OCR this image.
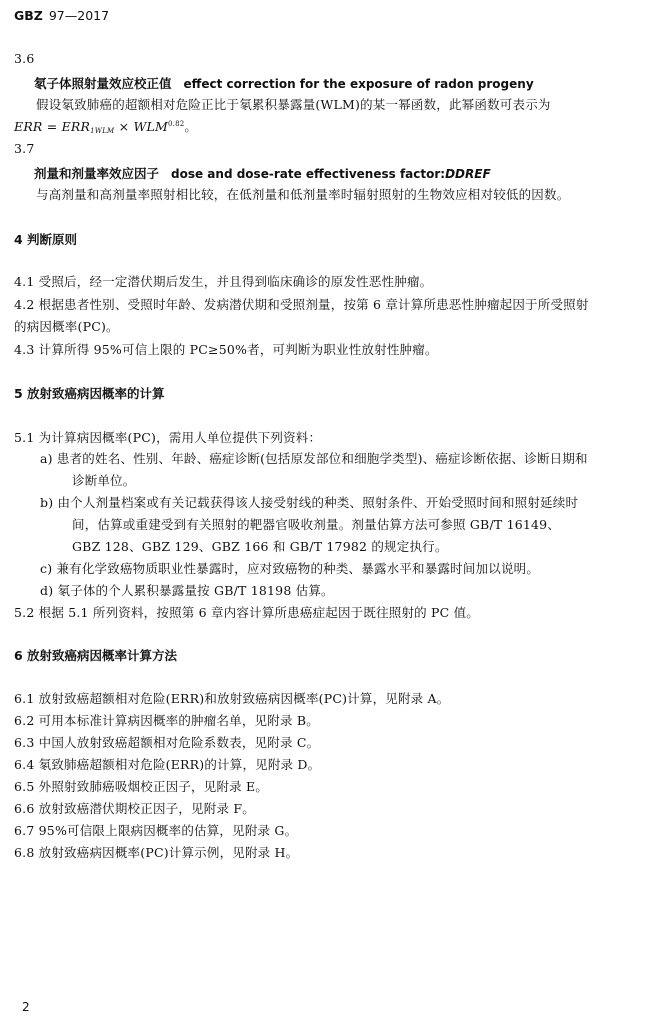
GBZ 97—2017
3.6
氡子体照射量效应校正值 effect correction for the exposure of radon progeny
假设氡致肺癌的超额相对危险正比于氡累积暴露量(WLM)的某一幂函数，此幂函数可表示为
ERR = $ERR1WLM \times WLM^{0.82}$。
3.7
剂量和剂量率效应因子 dose and dose-rate effectiveness factor:DDREF
与高剂量和高剂量率照射相比较，在低剂量和低剂量率时辐射照射的生物效应相对较低的因数。
4 判断原则
4.1 受照后，经一定潜伏期后发生，并且得到临床确诊的原发性恶性肿瘤。
4.2 根据患者性别、受照时年龄、发病潜伏期和受照剂量，按第 6 章计算所患恶性肿瘤起因于所受照射
的病因概率(PC)。
4.3 计算所得 95%可信上限的 PC≥50%者，可判断为职业性放射性肿瘤。
5 放射致癌病因概率的计算
5.1 为计算病因概率(PC)，需用人单位提供下列资料：
a) 患者的姓名、性别、年龄、癌症诊断(包括原发部位和细胞学类型)、癌症诊断依据、诊断日期和
诊断单位。
b) 由个人剂量档案或有关记载获得该人接受射线的种类、照射条件、开始受照时间和照射延续时
间，估算或重建受到有关照射的靶器官吸收剂量。剂量估算方法可参照 GB/T 16149、
GBZ 128、GBZ 129、GBZ 166 和 GB/T 17982 的规定执行。
c) 兼有化学致癌物质职业性暴露时，应对致癌物的种类、暴露水平和暴露时间加以说明。
d) 氡子体的个人累积暴露量按 GB/T 18198 估算。
5.2 根据 5.1 所列资料，按照第 6 章内容计算所患癌症起因于既往照射的 PC 值。
6 放射致癌病因概率计算方法
6.1 放射致癌超额相对危险(ERR)和放射致癌病因概率(PC)计算，见附录 A。
6.2 可用本标准计算病因概率的肿瘤名单，见附录 B。
6.3 中国人放射致癌超额相对危险系数表，见附录 C。
6.4 氡致肺癌超额相对危险(ERR)的计算，见附录 D。
6.5 外照射致肺癌吸烟校正因子，见附录 E。
6.6 放射致癌潜伏期校正因子，见附录 F。
6.7 95%可信限上限病因概率的估算，见附录 G。
6.8 放射致癌病因概率(PC)计算示例，见附录 H。
2
